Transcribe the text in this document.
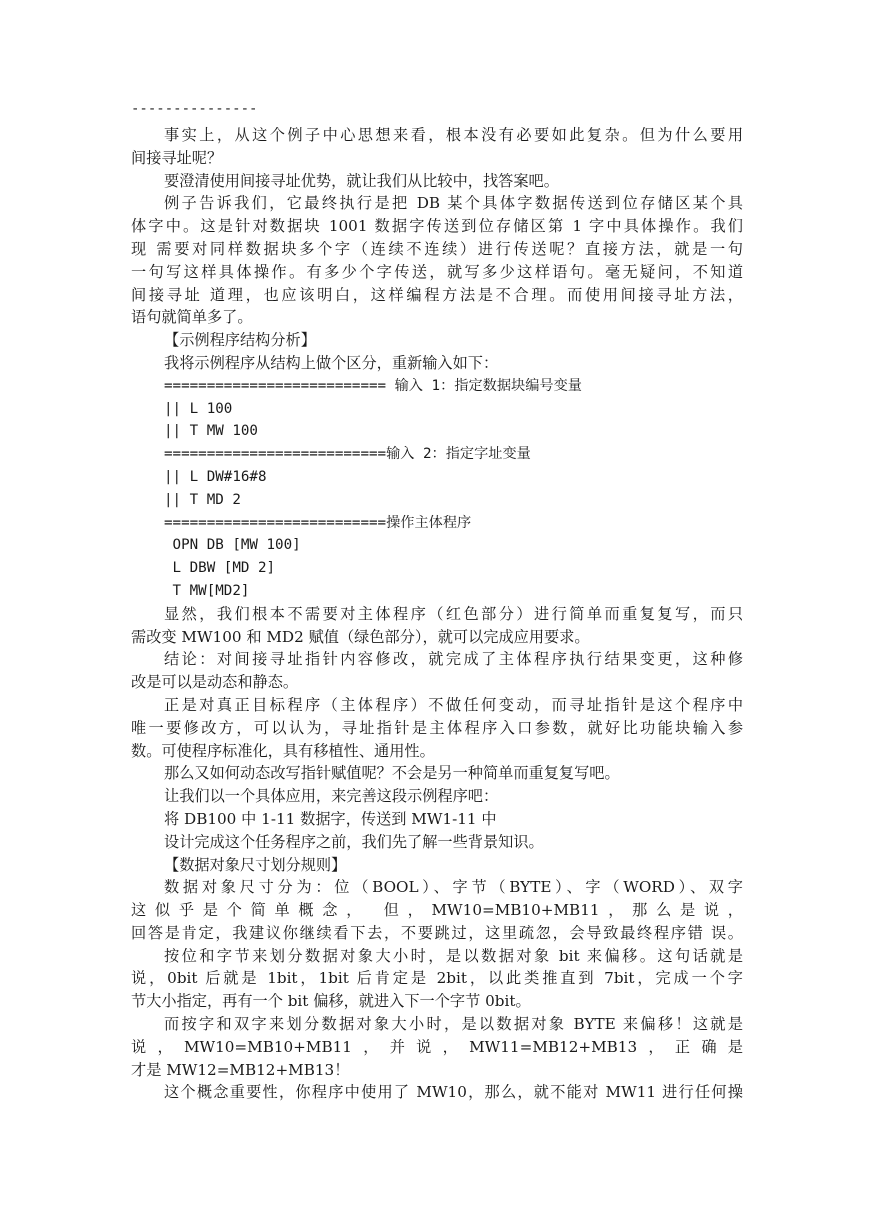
---------------
事实上，从这个例子中心思想来看，根本没有必要如此复杂。但为什么要用
间接寻址呢？
要澄清使用间接寻址优势，就让我们从比较中，找答案吧。
例子告诉我们，它最终执行是把 DB 某个具体字数据传送到位存储区某个具
体字中。这是针对数据块 1001 数据字传送到位存储区第 1 字中具体操作。我们
现 需要对同样数据块多个字（连续不连续）进行传送呢？直接方法，就是一句
一句写这样具体操作。有多少个字传送，就写多少这样语句。毫无疑问，不知道
间接寻址 道理，也应该明白，这样编程方法是不合理。而使用间接寻址方法，
语句就简单多了。
【示例程序结构分析】
我将示例程序从结构上做个区分，重新输入如下：
========================== 输入 1：指定数据块编号变量
|| L 100
|| T MW 100
==========================输入 2：指定字址变量
|| L DW#16#8
|| T MD 2
==========================操作主体程序
OPN DB [MW 100]
L DBW [MD 2]
T MW[MD2]
显然，我们根本不需要对主体程序（红色部分）进行简单而重复复写，而只
需改变 MW100 和 MD2 赋值（绿色部分），就可以完成应用要求。
结论：对间接寻址指针内容修改，就完成了主体程序执行结果变更，这种修
改是可以是动态和静态。
正是对真正目标程序（主体程序）不做任何变动，而寻址指针是这个程序中
唯一要修改方，可以认为，寻址指针是主体程序入口参数，就好比功能块输入参
数。可使程序标准化，具有移植性、通用性。
那么又如何动态改写指针赋值呢？不会是另一种简单而重复复写吧。
让我们以一个具体应用，来完善这段示例程序吧：
将 DB100 中 1-11 数据字，传送到 MW1-11 中
设计完成这个任务程序之前，我们先了解一些背景知识。
【数据对象尺寸划分规则】
数据对象尺寸分为：位（BOOL）、字节（BYTE）、字（WORD）、双字
这似乎是个简单概念， 但，MW10=MB10+MB11，那么是说，
回答是肯定，我建议你继续看下去，不要跳过，这里疏忽，会导致最终程序错 误。
按位和字节来划分数据对象大小时，是以数据对象 bit 来偏移。这句话就是
说，0bit 后就是 1bit，1bit 后肯定是 2bit，以此类推直到 7bit，完成一个字
节大小指定，再有一个 bit 偏移，就进入下一个字节 0bit。
而按字和双字来划分数据对象大小时，是以数据对象 BYTE 来偏移！这就是
说，MW10=MB10+MB11，并说，MW11=MB12+MB13，正确是
才是 MW12=MB12+MB13！
这个概念重要性，你程序中使用了 MW10，那么，就不能对 MW11 进行任何操
